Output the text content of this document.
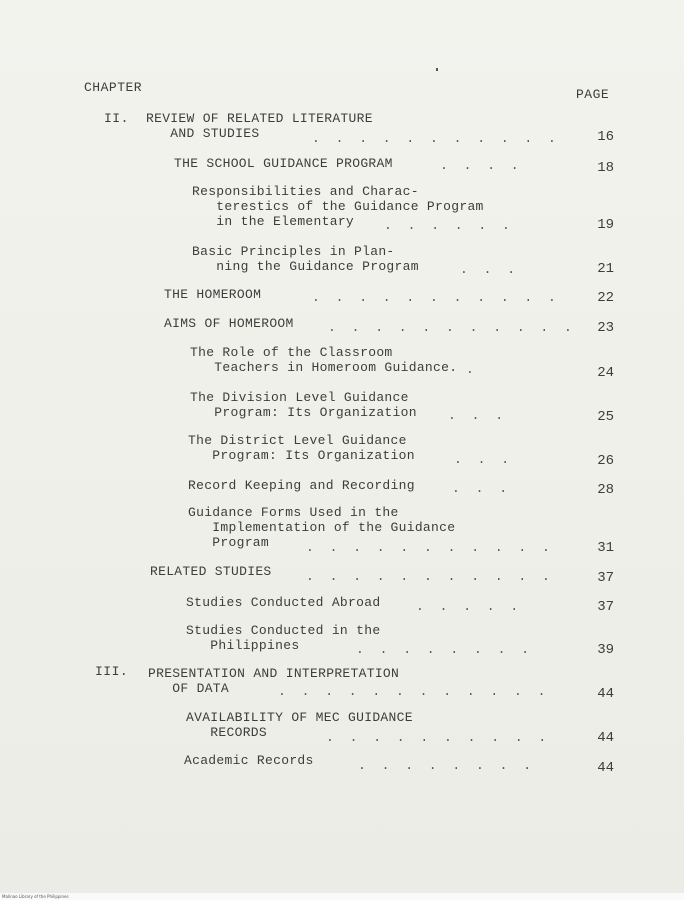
CHAPTER	PAGE
II. REVIEW OF RELATED LITERATURE
AND STUDIES	. . . . . . . . . . .	16
THE SCHOOL GUIDANCE PROGRAM	. . . .	18
Responsibilities and Charac-
terestics of the Guidance Program
in the Elementary	. . . . . .	19
Basic Principles in Plan-
ning the Guidance Program	. . .	21
THE HOMEROOM	. . . . . . . . . . .	22
AIMS OF HOMEROOM	. . . . . . . . . . .	23
The Role of the Classroom
Teachers in Homeroom Guidance. .	24
The Division Level Guidance
Program: Its Organization . . .	25
The District Level Guidance
Program: Its Organization	. . .	26
Record Keeping and Recording	. . .	28
Guidance Forms Used in the
Implementation of the Guidance
Program	. . . . . . . . . . .	31
RELATED STUDIES	. . . . . . . . . . .	37
Studies Conducted Abroad	. . . . .	37
Studies Conducted in the
Philippines	. . . . . . . .	39
III. PRESENTATION AND INTERPRETATION
OF DATA	. . . . . . . . . . . .	44
AVAILABILITY OF MEC GUIDANCE
RECORDS	. . . . . . . . . .	44
Academic Records	. . . . . . . .	44
Malinao Library of the Philippines
